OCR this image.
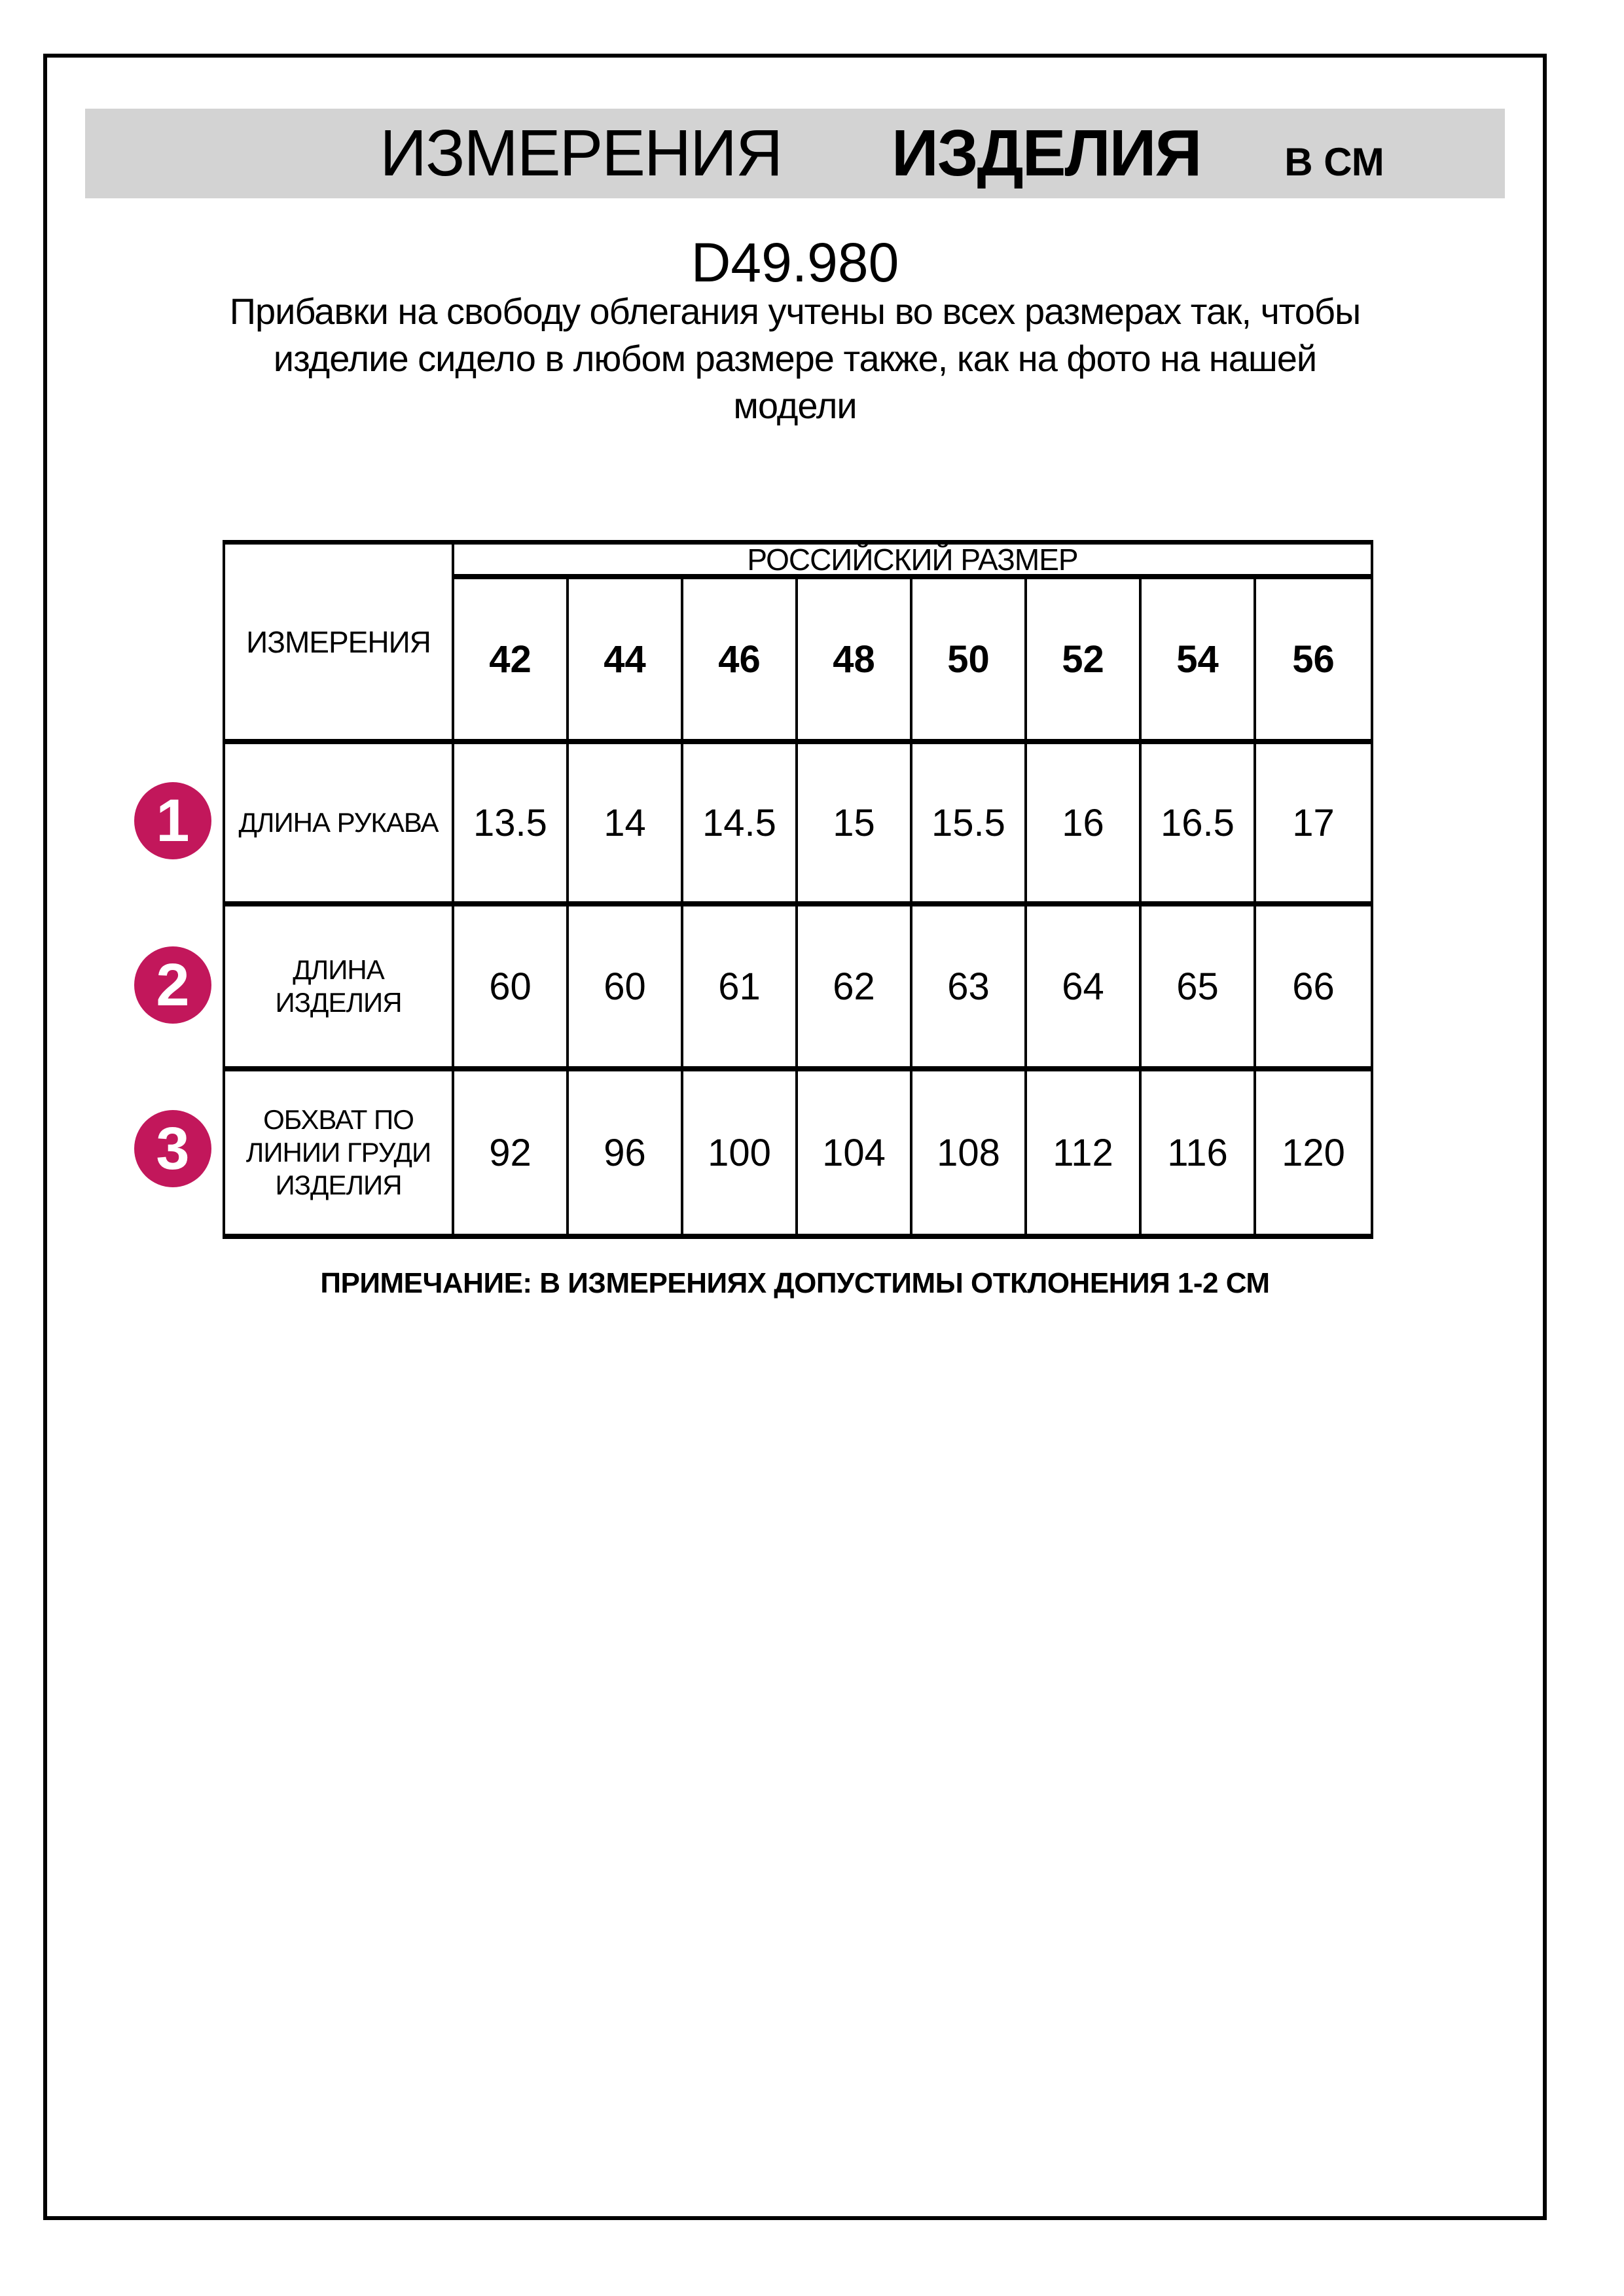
ИЗМЕРЕНИЯ ИЗДЕЛИЯ В СМ
D49.980
Прибавки на свободу облегания учтены во всех размерах так, чтобы
изделие сидело в любом размере также, как на фото на нашей
модели
ИЗМЕРЕНИЯ
РОССИЙСКИЙ РАЗМЕР
42	44	46	48	50	52	54	56
ДЛИНА РУКАВА 13.5	14	14.5	15	15.5	16	16.5	17
ДЛИНА
ИЗДЕЛИЯ	60	60	61	62	63	64	65	66
ОБХВАТ ПО
ЛИНИИ ГРУДИ
ИЗДЕЛИЯ
92	96	100	104	108	112	116	120
1
2
3
ПРИМЕЧАНИЕ: В ИЗМЕРЕНИЯХ ДОПУСТИМЫ ОТКЛОНЕНИЯ 1-2 СМ
